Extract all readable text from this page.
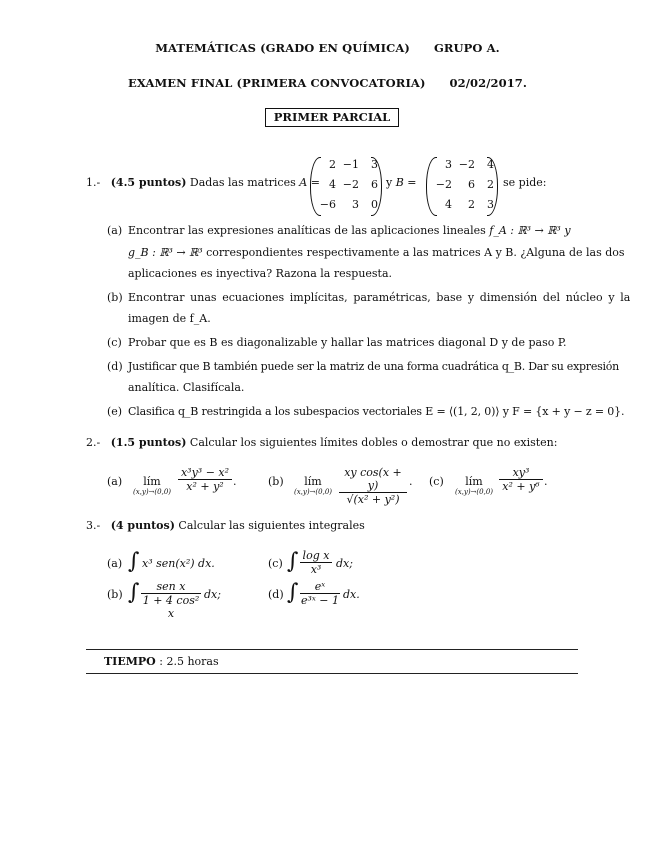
MATEMÁTICAS (GRADO EN QUÍMICA) GRUPO A.
EXAMEN FINAL (PRIMERA CONVOCATORIA) 02/02/2017.
PRIMER PARCIAL
1.- (4.5 puntos) Dadas las matrices A =
2 −1	3
4 −2	6
−6	3	0
y B =
3 −2	4
−2	6	2
4	2	3
se pide:
(a) Encontrar las expresiones analíticas de las aplicaciones lineales f_A : ℝ³ → ℝ³ y
g_B : ℝ³ → ℝ³ correspondientes respectivamente a las matrices A y B. ¿Alguna de las dos
aplicaciones es inyectiva? Razona la respuesta.
(b) Encontrar unas ecuaciones implícitas, paramétricas, base y dimensión del núcleo y la
imagen de f_A.
(c) Probar que es B es diagonalizable y hallar las matrices diagonal D y de paso P.
(d) Justificar que B también puede ser la matriz de una forma cuadrática q_B. Dar su expresión
analítica. Clasifícala.
(e) Clasifica q_B restringida a los subespacios vectoriales E = ⟨(1, 2, 0)⟩ y F = {x + y − z = 0}.
2.- (1.5 puntos) Calcular los siguientes límites dobles o demostrar que no existen:
(a)	lím
(x,y)→(0,0)
x³y³ − x²
x² + y² .	(b)	lím
(x,y)→(0,0)
xy cos(x + y)
√(x² + y²)
. (c)	lím
(x,y)→(0,0)
xy³
x² + y⁶ .
3.- (4 puntos) Calcular las siguientes integrales
(a) ∫ x³ sen(x²) dx.	(c) ∫ log x
x³	dx;
(b) ∫	sen x
1 + 4 cos² x
dx;	(d) ∫	eˣ
e³ˣ − 1 dx.
TIEMPO : 2.5 horas
